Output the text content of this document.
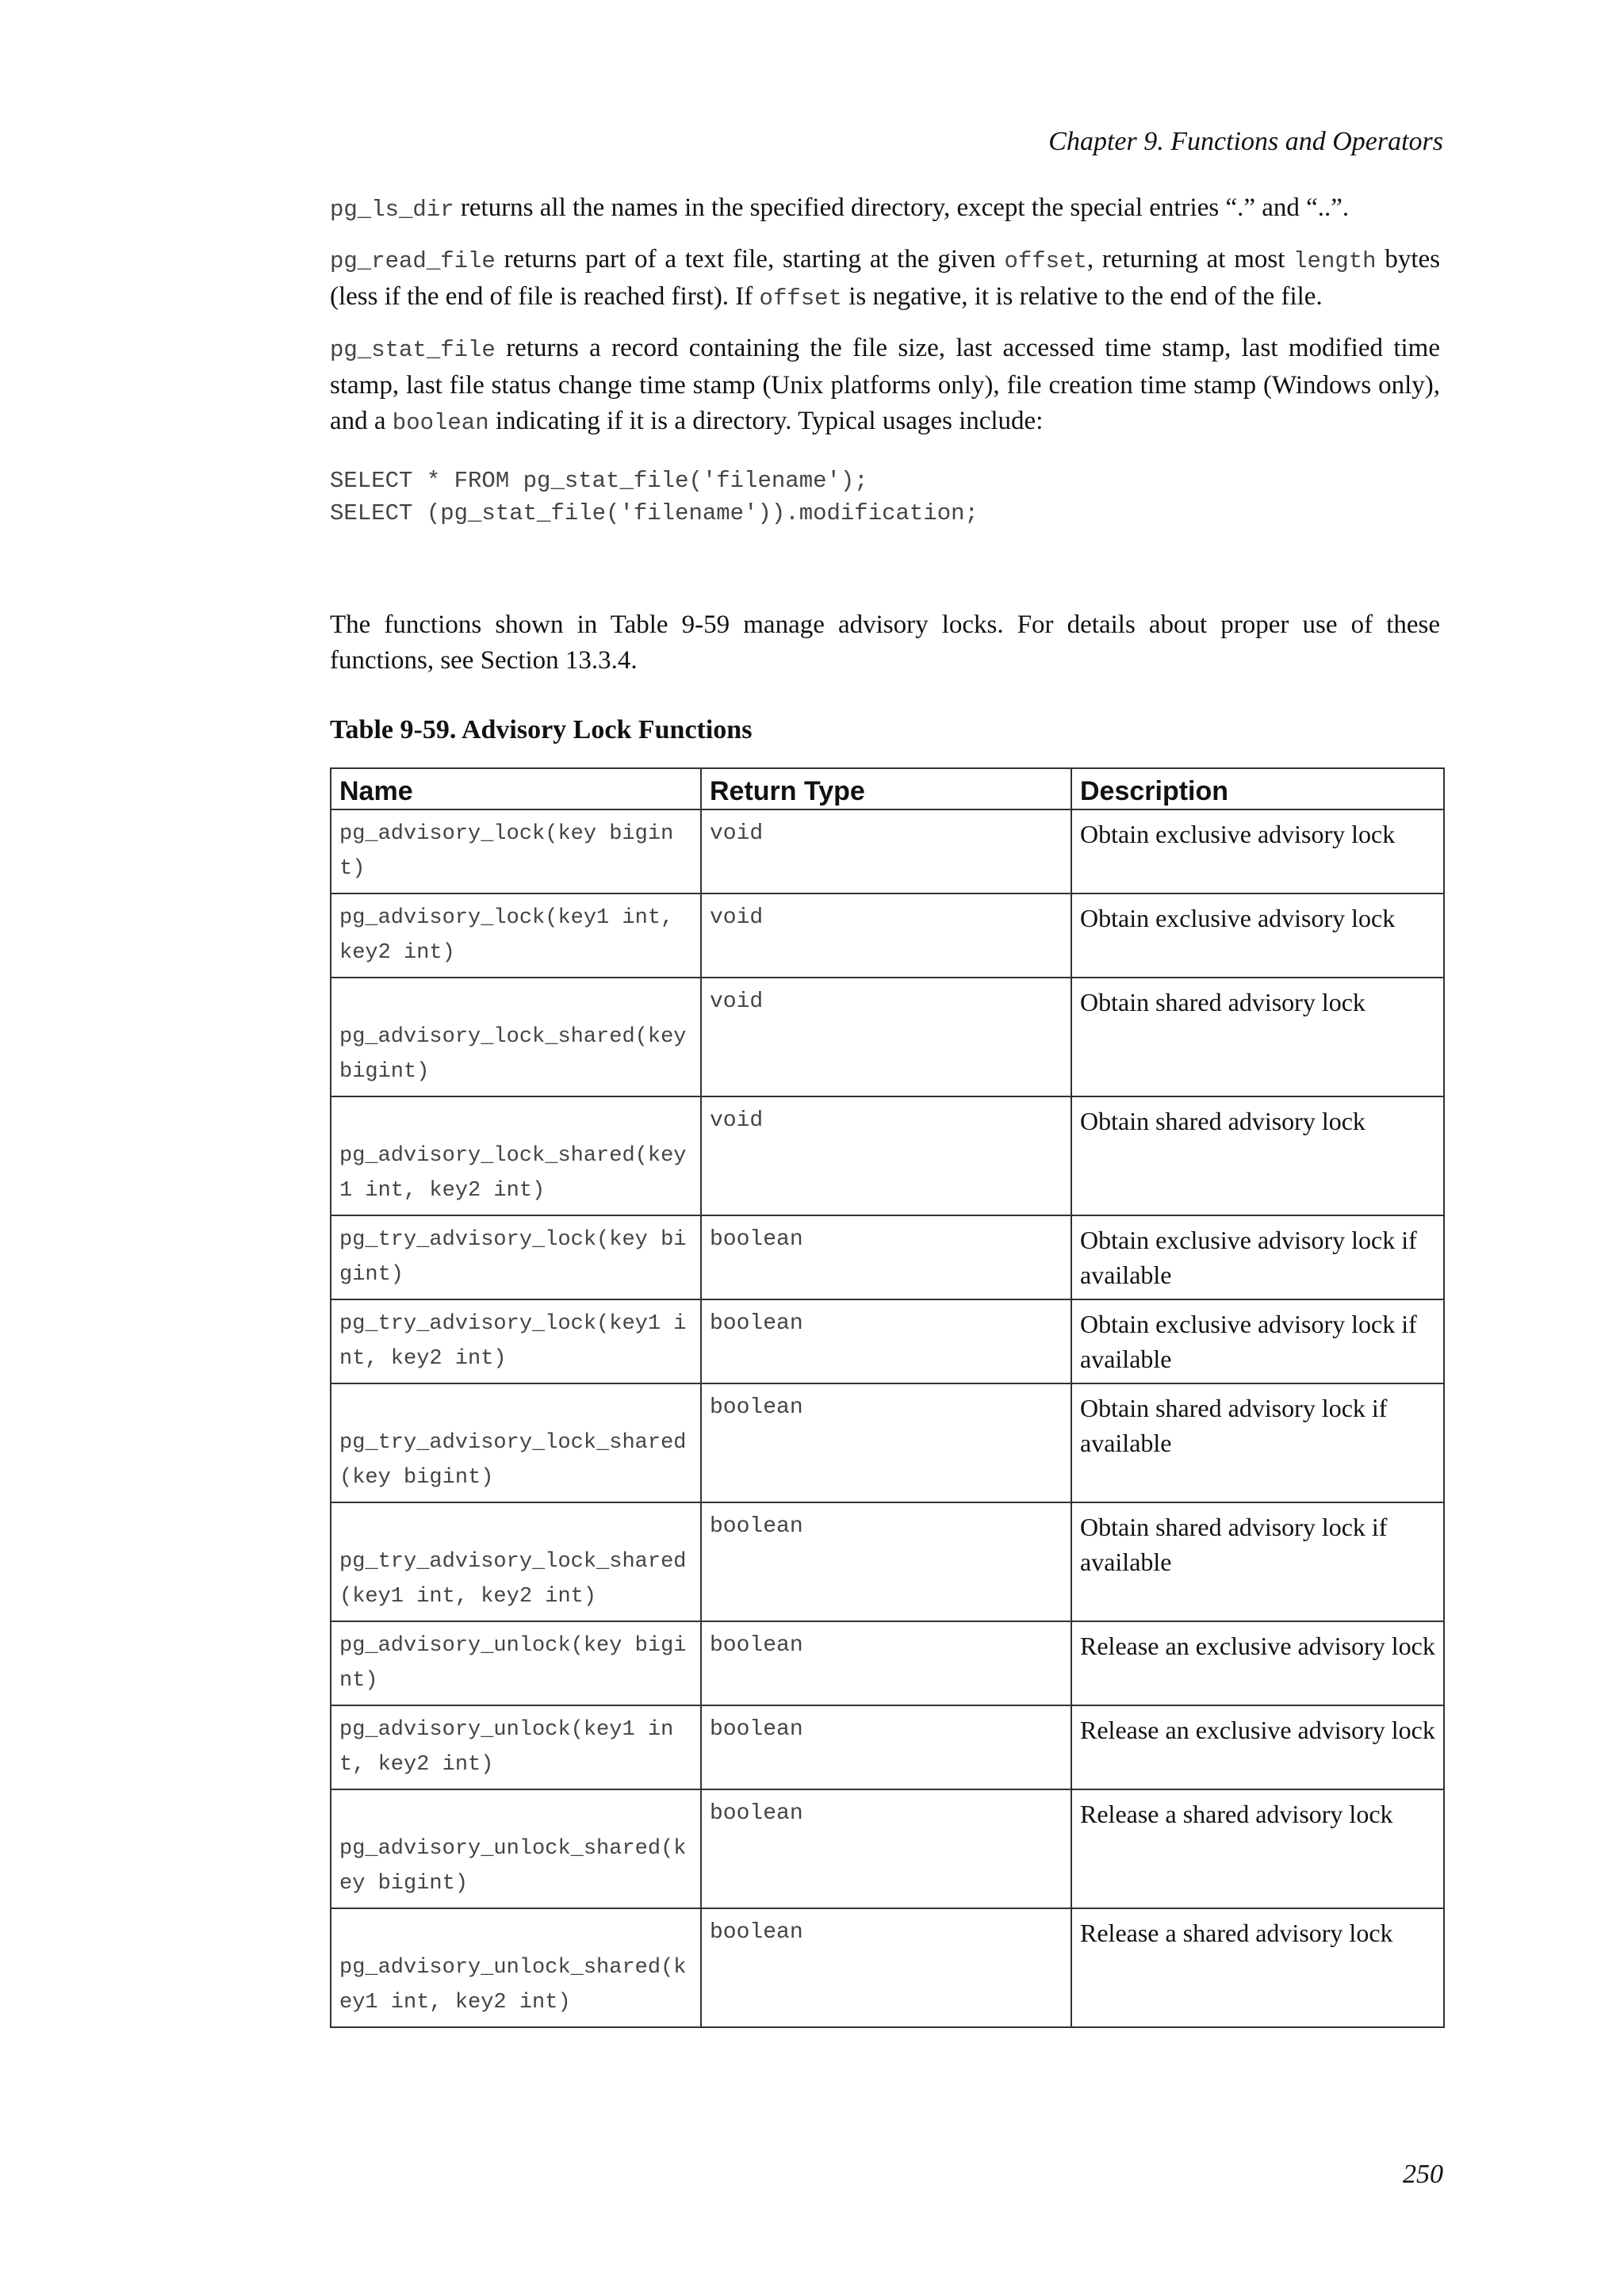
Chapter 9. Functions and Operators

pg_ls_dir returns all the names in the specified directory, except the special entries “.” and “..”.

pg_read_file returns part of a text file, starting at the given offset, returning at most length bytes (less if the end of file is reached first). If offset is negative, it is relative to the end of the file.

pg_stat_file returns a record containing the file size, last accessed time stamp, last modified time stamp, last file status change time stamp (Unix platforms only), file creation time stamp (Windows only), and a boolean indicating if it is a directory. Typical usages include:

SELECT * FROM pg_stat_file('filename');
SELECT (pg_stat_file('filename')).modification;

The functions shown in Table 9-59 manage advisory locks. For details about proper use of these functions, see Section 13.3.4.

Table 9-59. Advisory Lock Functions
Name	Return Type	Description

pg_advisory_lock(key bigint)	void	Obtain exclusive advisory lock

pg_advisory_lock(key1 int, key2 int)	void	Obtain exclusive advisory lock

pg_advisory_lock_shared(key bigint)	void	Obtain shared advisory lock

pg_advisory_lock_shared(key1 int, key2 int)	void	Obtain shared advisory lock

pg_try_advisory_lock(key bigint)	boolean	Obtain exclusive advisory lock if available

pg_try_advisory_lock(key1 int, key2 int)	boolean	Obtain exclusive advisory lock if available

pg_try_advisory_lock_shared(key bigint)	boolean	Obtain shared advisory lock if available

pg_try_advisory_lock_shared(key1 int, key2 int)	boolean	Obtain shared advisory lock if available

pg_advisory_unlock(key bigint)	boolean	Release an exclusive advisory lock

pg_advisory_unlock(key1 int, key2 int)	boolean	Release an exclusive advisory lock

pg_advisory_unlock_shared(key bigint)	boolean	Release a shared advisory lock

pg_advisory_unlock_shared(key1 int, key2 int)	boolean	Release a shared advisory lock
250
